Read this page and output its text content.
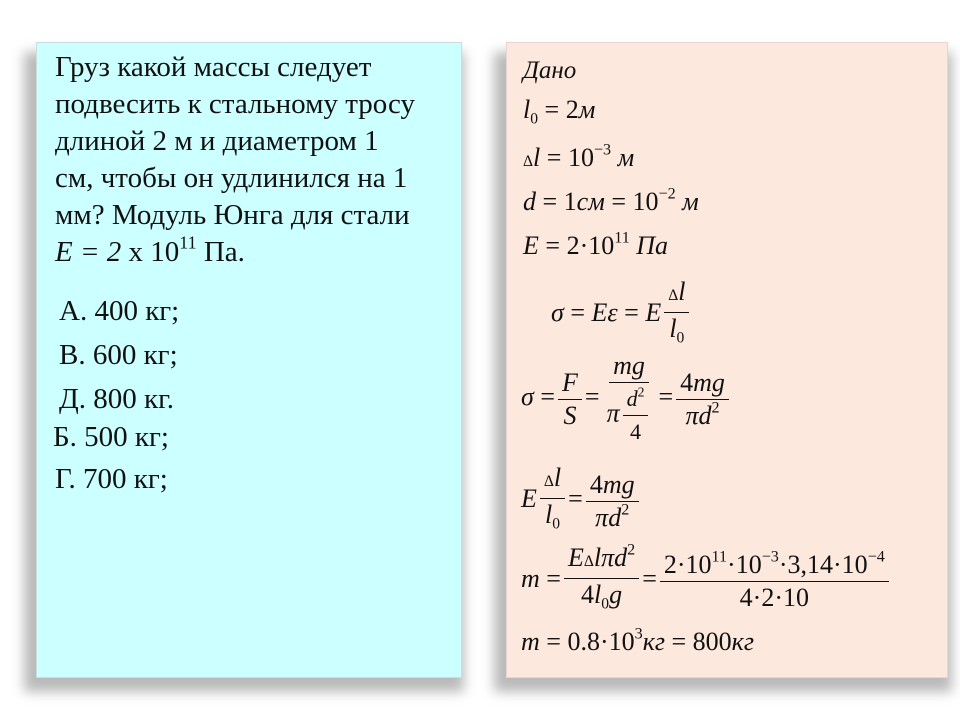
Груз какой массы следует
подвесить к стальному тросу
длиной 2 м и диаметром 1
см, чтобы он удлинился на 1
мм? Модуль Юнга для стали
E = 2 х $10^{11}$ Па.
А. 400 кг;
В. 600 кг;
Д. 800 кг.
Б. 500 кг;
Г. 700 кг;
Дано
$l_0 = 2м$
$\Delta l = 10^{-3}$ м
$d = 1см = 10^{-2}$ м
$E = 2\cdot 10^{11}$ Па
σ = Eε = E $\frac{\Delta l}{l_0}$
$\sigma = \frac{F}{S} = \frac{mg}{\pi \frac{d^2}{4}} = \frac{4mg}{\pi d^2}$
E $\frac{\Delta l}{l_0} = \frac{4mg}{\pi d^2}$
$m = \frac{E\Delta l\pi d^2}{4l_0g} = \frac{2\cdot 10^{11}\cdot 10^{-3}\cdot 3,14\cdot 10^{-4}}{4\cdot 2\cdot 10}$
$m = 0.8\cdot 10^3кг = 800кг$
